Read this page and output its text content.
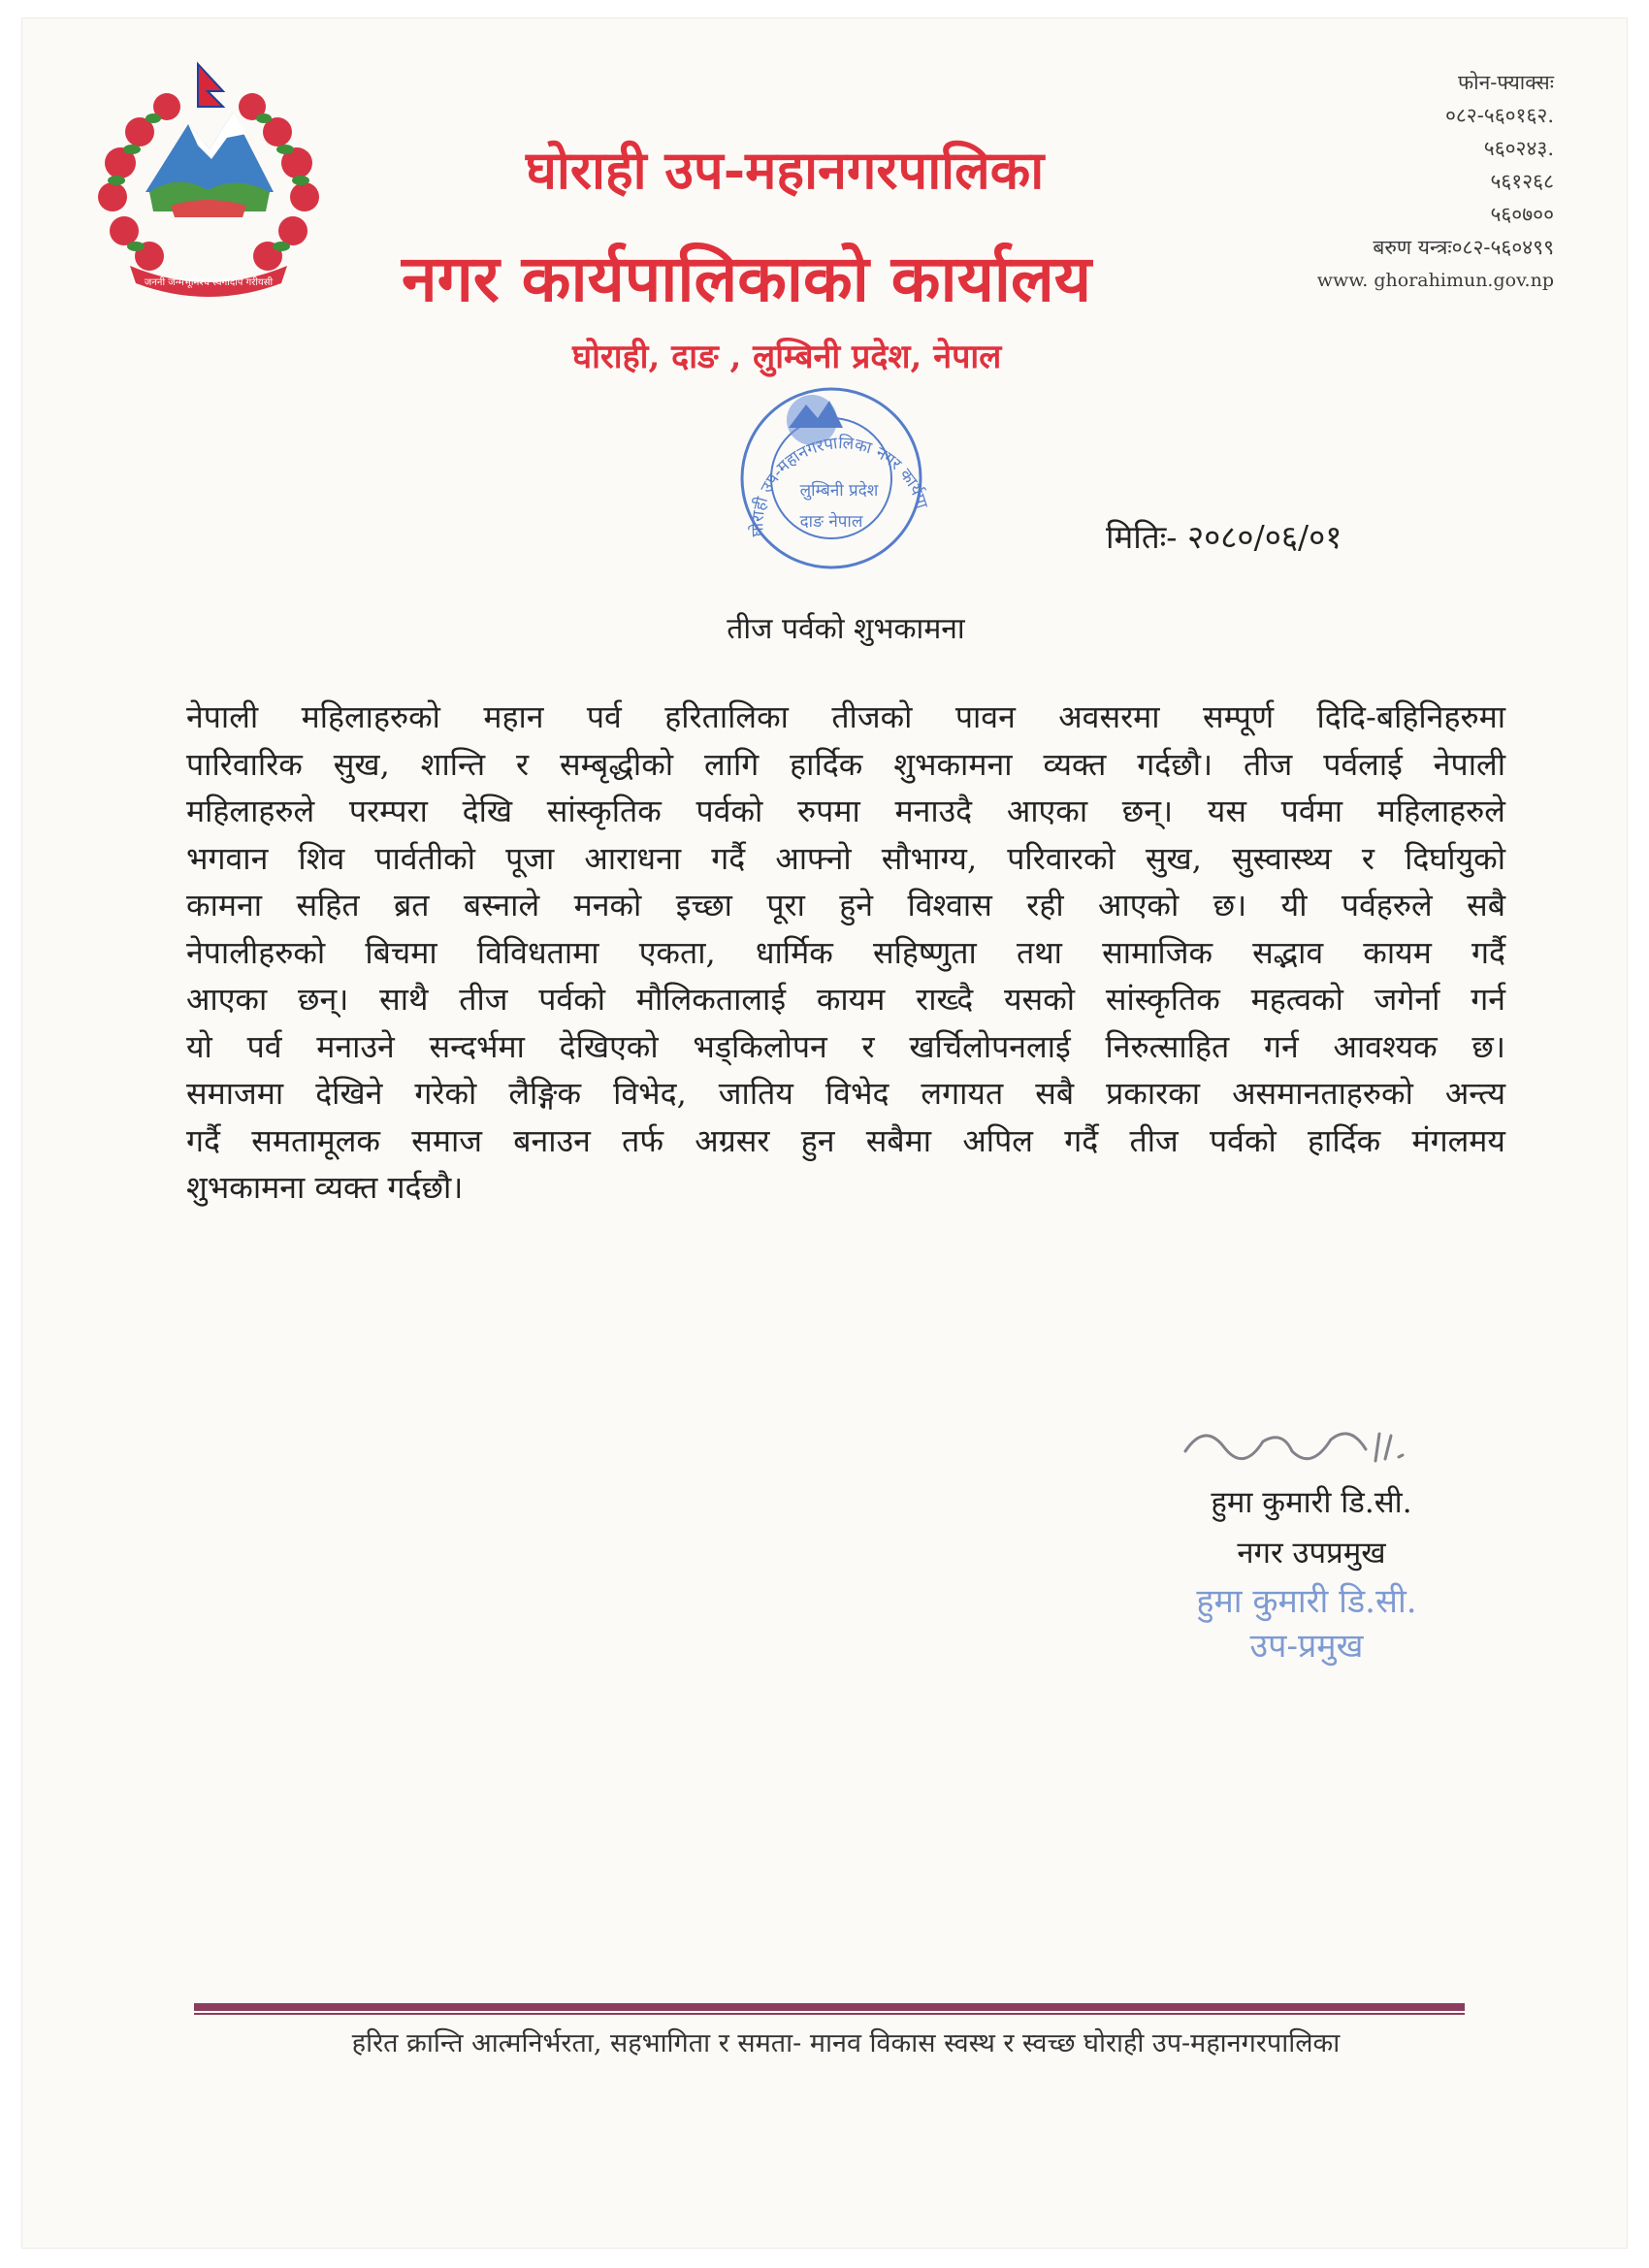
जननी जन्मभूमिश्च स्वर्गादपि गरीयसी
घोराही उप-महानगरपालिका
नगर कार्यपालिकाको कार्यालय
घोराही, दाङ , लुम्बिनी प्रदेश, नेपाल
फोन-फ्याक्सः
०८२-५६०१६२.
५६०२४३.
५६१२६८
५६०७००
बरुण यन्त्रः०८२-५६०४९९
www. ghorahimun.gov.np
घोराही उप-महानगरपालिका नगर कार्यपा
लुम्बिनी प्रदेश
दाङ नेपाल	मितिः- २०८०/०६/०१
तीज पर्वको शुभकामना
नेपाली महिलाहरुको महान पर्व हरितालिका तीजको पावन अवसरमा सम्पूर्ण दिदि-बहिनिहरुमा
पारिवारिक सुख, शान्ति र सम्बृद्धीको लागि हार्दिक शुभकामना व्यक्त गर्दछौ। तीज पर्वलाई नेपाली
महिलाहरुले परम्परा देखि सांस्कृतिक पर्वको रुपमा मनाउदै आएका छन्। यस पर्वमा महिलाहरुले
भगवान शिव पार्वतीको पूजा आराधना गर्दै आफ्नो सौभाग्य, परिवारको सुख, सुस्वास्थ्य र दिर्घायुको
कामना सहित ब्रत बस्नाले मनको इच्छा पूरा हुने विश्वास रही आएको छ। यी पर्वहरुले सबै
नेपालीहरुको बिचमा विविधतामा एकता, धार्मिक सहिष्णुता तथा सामाजिक सद्भाव कायम गर्दै
आएका छन्। साथै तीज पर्वको मौलिकतालाई कायम राख्दै यसको सांस्कृतिक महत्वको जगेर्ना गर्न
यो पर्व मनाउने सन्दर्भमा देखिएको भड्किलोपन र खर्चिलोपनलाई निरुत्साहित गर्न आवश्यक छ।
समाजमा देखिने गरेको लैङ्गिक विभेद, जातिय विभेद लगायत सबै प्रकारका असमानताहरुको अन्त्य
गर्दै समतामूलक समाज बनाउन तर्फ अग्रसर हुन सबैमा अपिल गर्दै तीज पर्वको हार्दिक मंगलमय
शुभकामना व्यक्त गर्दछौ।
हुमा कुमारी डि.सी.
नगर उपप्रमुख
हुमा कुमारी डि.सी.
उप-प्रमुख
हरित क्रान्ति आत्मनिर्भरता, सहभागिता र समता- मानव विकास स्वस्थ र स्वच्छ घोराही उप-महानगरपालिका
